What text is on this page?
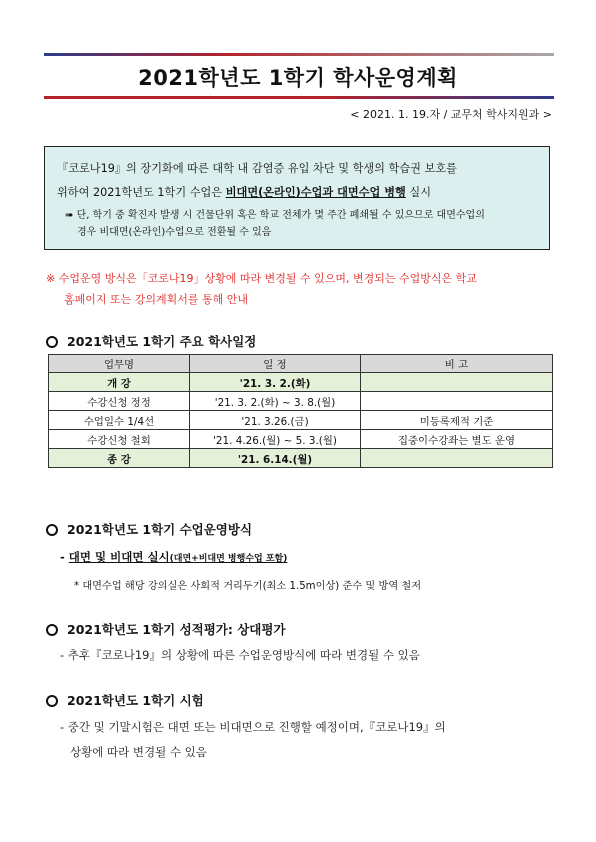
2021학년도 1학기 학사운영계획
< 2021. 1. 19.자 / 교무처 학사지원과 >
『코로나19』의 장기화에 따른 대학 내 감염증 유입 차단 및 학생의 학습권 보호를
위하여 2021학년도 1학기 수업은 비대면(온라인)수업과 대면수업 병행 실시
➠ 단, 학기 중 확진자 발생 시 건물단위 혹은 학교 전체가 몇 주간 폐쇄될 수 있으므로 대면수업의
경우 비대면(온라인)수업으로 전환될 수 있음
※ 수업운영 방식은「코로나19」상황에 따라 변경될 수 있으며, 변경되는 수업방식은 학교
홈페이지 또는 강의계획서를 통해 안내
2021학년도 1학기 주요 학사일정
업무명	일 정	비 고
개 강	'21. 3. 2.(화)	
수강신청 정정	'21. 3. 2.(화) ~ 3. 8.(월)	
수업일수 1/4선	'21. 3.26.(금)	미등록제적 기준
수강신청 철회	'21. 4.26.(월) ~ 5. 3.(월)	집중이수강좌는 별도 운영
종 강	'21. 6.14.(월)	
2021학년도 1학기 수업운영방식
- 대면 및 비대면 실시(대면+비대면 병행수업 포함)
* 대면수업 해당 강의실은 사회적 거리두기(최소 1.5m이상) 준수 및 방역 철저
2021학년도 1학기 성적평가: 상대평가
- 추후『코로나19』의 상황에 따른 수업운영방식에 따라 변경될 수 있음
2021학년도 1학기 시험
- 중간 및 기말시험은 대면 또는 비대면으로 진행할 예정이며,『코로나19』의
상황에 따라 변경될 수 있음
